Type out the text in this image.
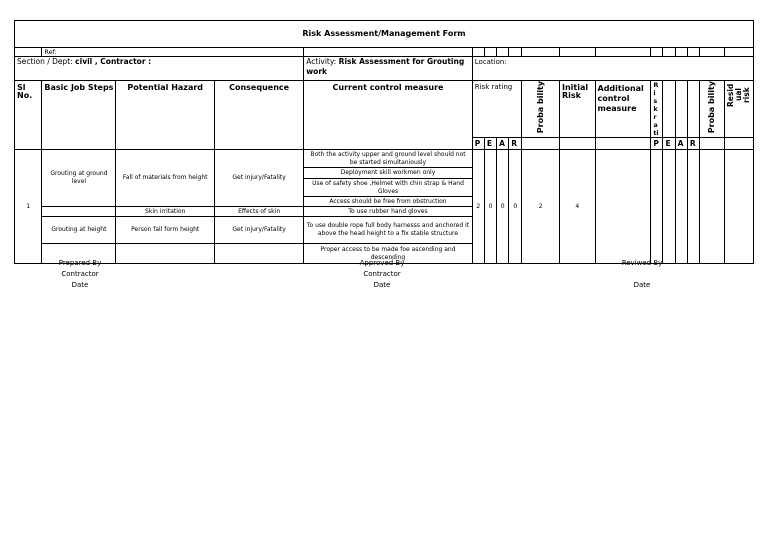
Risk Assessment/Management Form																	
	Ref:																
Section / Dept: civil , Contractor :				Activity: Risk Assessment for Grouting work	Location:												
Sl No.	Basic Job Steps	Potential Hazard	Consequence	Current control measure	Risk rating				Proba bility	Initial Risk	Additional control measure	Ri sk ra ti				Proba bility	Resid ual risk
					P	E	A	R				P	E	A	R		
1	Grouting at ground level	Fall of materials from height	Get injury/Fatality	Both the activity upper and ground level should not be started simultaniously	2	0	0	0	2	4							
				Deployment skill workmen only													
				Use of safety shoe ,Helmet with chin strap & Hand Gloves													
				Access should be free from obstruction													
		Skin irritation	Effects of skin	To use rubber hand gloves													
	Grouting at height	Person fall form height	Get injury/Fatality	To use double rope full body harnesss and anchored it above the head height to a fix stable structure													
				Proper access to be made foe ascending and descending													
Prepared By
Contractor
Date
Approved By
Contractor
Date
Reviwed By

Date
